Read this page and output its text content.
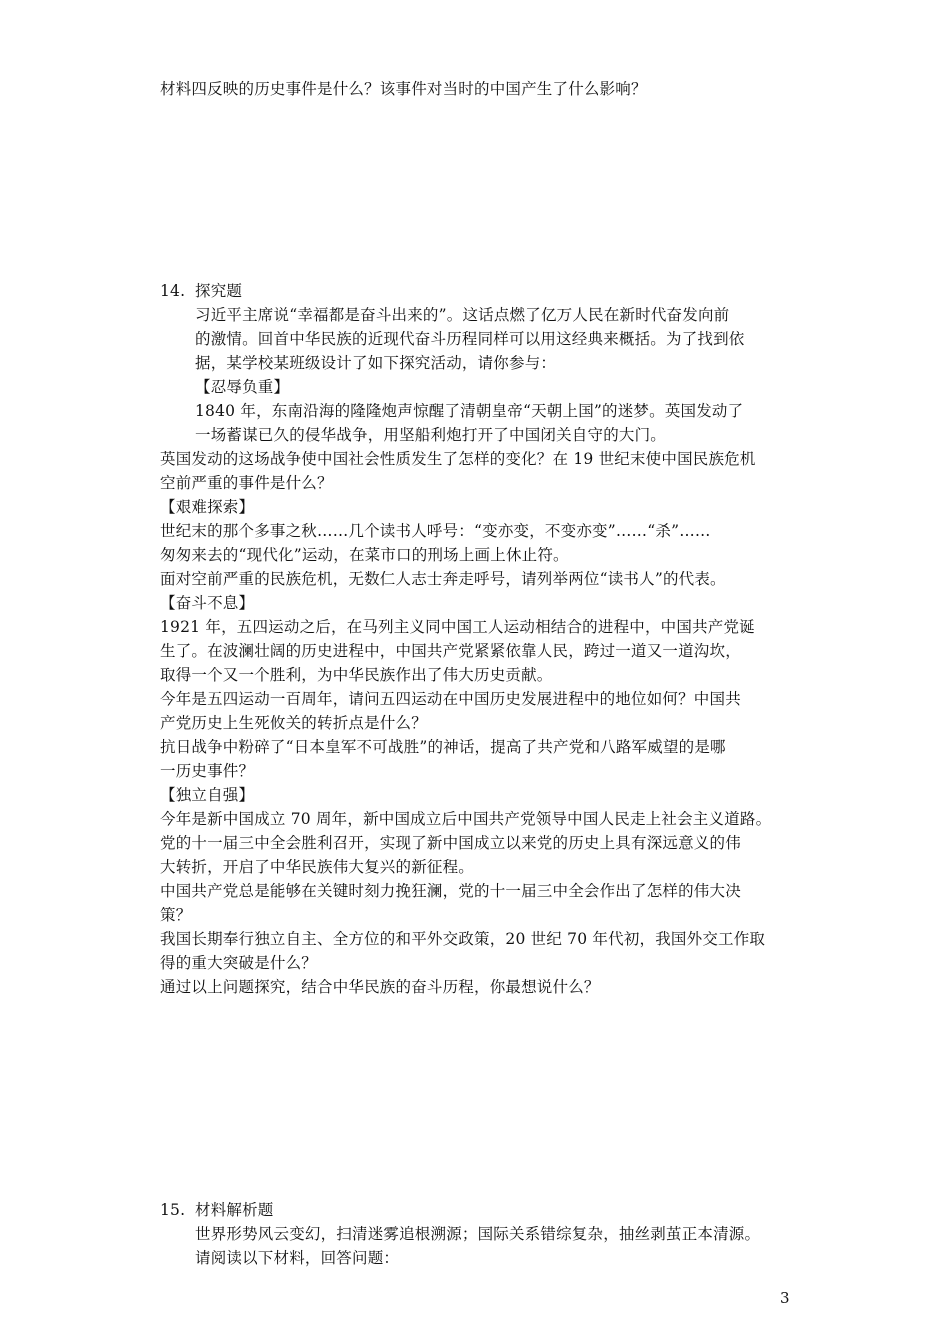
材料四反映的历史事件是什么？该事件对当时的中国产生了什么影响？
14. 探究题
习近平主席说“幸福都是奋斗出来的”。这话点燃了亿万人民在新时代奋发向前
的激情。回首中华民族的近现代奋斗历程同样可以用这经典来概括。为了找到依
据，某学校某班级设计了如下探究活动，请你参与：
【忍辱负重】
1840 年，东南沿海的隆隆炮声惊醒了清朝皇帝“天朝上国”的迷梦。英国发动了
一场蓄谋已久的侵华战争，用坚船利炮打开了中国闭关自守的大门。
英国发动的这场战争使中国社会性质发生了怎样的变化？在 19 世纪末使中国民族危机
空前严重的事件是什么？
【艰难探索】
世纪末的那个多事之秋……几个读书人呼号：“变亦变，不变亦变”……“杀”……
匆匆来去的“现代化”运动，在菜市口的刑场上画上休止符。
面对空前严重的民族危机，无数仁人志士奔走呼号，请列举两位“读书人”的代表。
【奋斗不息】
1921 年，五四运动之后，在马列主义同中国工人运动相结合的进程中，中国共产党诞
生了。在波澜壮阔的历史进程中，中国共产党紧紧依靠人民，跨过一道又一道沟坎，
取得一个又一个胜利，为中华民族作出了伟大历史贡献。
今年是五四运动一百周年，请问五四运动在中国历史发展进程中的地位如何？中国共
产党历史上生死攸关的转折点是什么？
抗日战争中粉碎了“日本皇军不可战胜”的神话，提高了共产党和八路军威望的是哪
一历史事件？
【独立自强】
今年是新中国成立 70 周年，新中国成立后中国共产党领导中国人民走上社会主义道路。
党的十一届三中全会胜利召开，实现了新中国成立以来党的历史上具有深远意义的伟
大转折，开启了中华民族伟大复兴的新征程。
中国共产党总是能够在关键时刻力挽狂澜，党的十一届三中全会作出了怎样的伟大决
策？
我国长期奉行独立自主、全方位的和平外交政策，20 世纪 70 年代初，我国外交工作取
得的重大突破是什么？
通过以上问题探究，结合中华民族的奋斗历程，你最想说什么？
15. 材料解析题
世界形势风云变幻，扫清迷雾追根溯源；国际关系错综复杂，抽丝剥茧正本清源。
请阅读以下材料，回答问题：
3
